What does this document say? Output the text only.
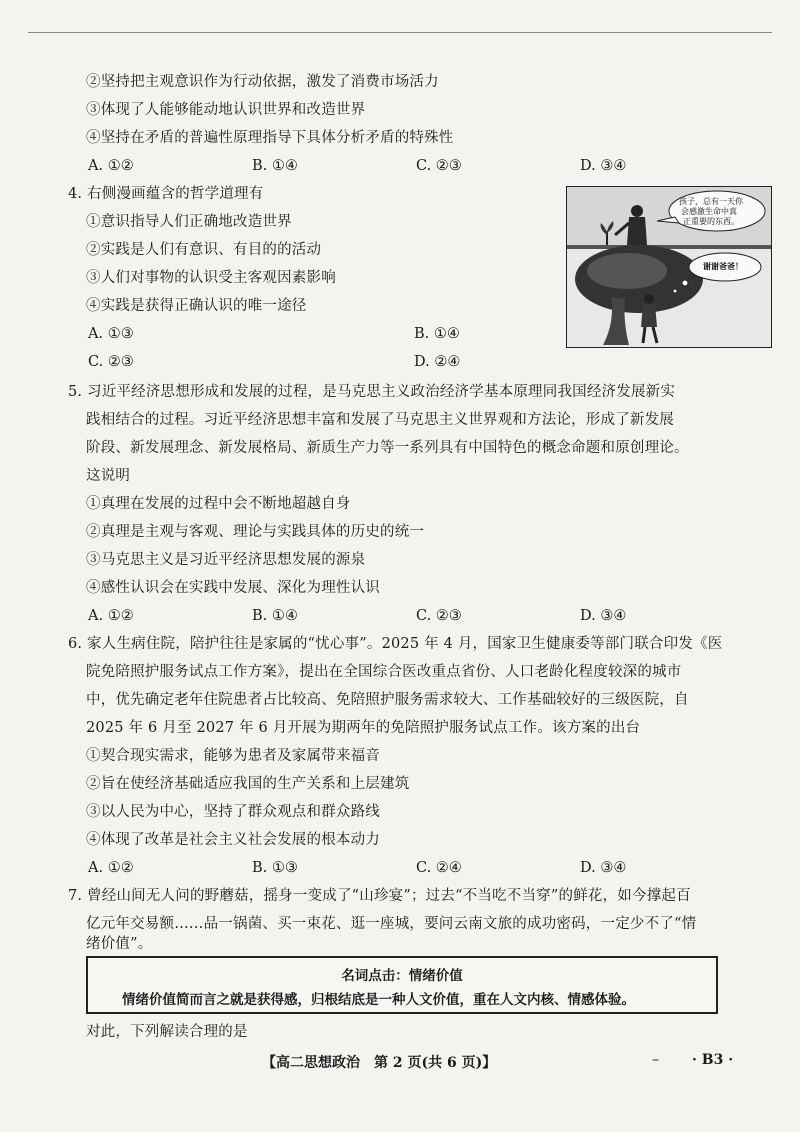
②坚持把主观意识作为行动依据，激发了消费市场活力
③体现了人能够能动地认识世界和改造世界
④坚持在矛盾的普遍性原理指导下具体分析矛盾的特殊性
A. ①②	B. ①④	C. ②③	D. ③④
4. 右侧漫画蕴含的哲学道理有
①意识指导人们正确地改造世界
②实践是人们有意识、有目的的活动
③人们对事物的认识受主客观因素影响
④实践是获得正确认识的唯一途径
A. ①③	B. ①④
C. ②③	D. ②④
孩子，总有一天你
会感激生命中真
正重要的东西。
谢谢爸爸！
5. 习近平经济思想形成和发展的过程，是马克思主义政治经济学基本原理同我国经济发展新实
践相结合的过程。习近平经济思想丰富和发展了马克思主义世界观和方法论，形成了新发展
阶段、新发展理念、新发展格局、新质生产力等一系列具有中国特色的概念命题和原创理论。
这说明
①真理在发展的过程中会不断地超越自身
②真理是主观与客观、理论与实践具体的历史的统一
③马克思主义是习近平经济思想发展的源泉
④感性认识会在实践中发展、深化为理性认识
A. ①②	B. ①④	C. ②③	D. ③④
6. 家人生病住院，陪护往往是家属的“忧心事”。2025 年 4 月，国家卫生健康委等部门联合印发《医
院免陪照护服务试点工作方案》，提出在全国综合医改重点省份、人口老龄化程度较深的城市
中，优先确定老年住院患者占比较高、免陪照护服务需求较大、工作基础较好的三级医院，自
2025 年 6 月至 2027 年 6 月开展为期两年的免陪照护服务试点工作。该方案的出台
①契合现实需求，能够为患者及家属带来福音
②旨在使经济基础适应我国的生产关系和上层建筑
③以人民为中心，坚持了群众观点和群众路线
④体现了改革是社会主义社会发展的根本动力
A. ①②	B. ①③	C. ②④	D. ③④
7. 曾经山间无人问的野蘑菇，摇身一变成了“山珍宴”；过去“不当吃不当穿”的鲜花，如今撑起百
亿元年交易额……品一锅菌、买一束花、逛一座城，要问云南文旅的成功密码，一定少不了“情
绪价值”。
名词点击：情绪价值
情绪价值简而言之就是获得感，归根结底是一种人文价值，重在人文内核、情感体验。
对此，下列解读合理的是
【高二思想政治　第 2 页(共 6 页)】	– · B3 ·
